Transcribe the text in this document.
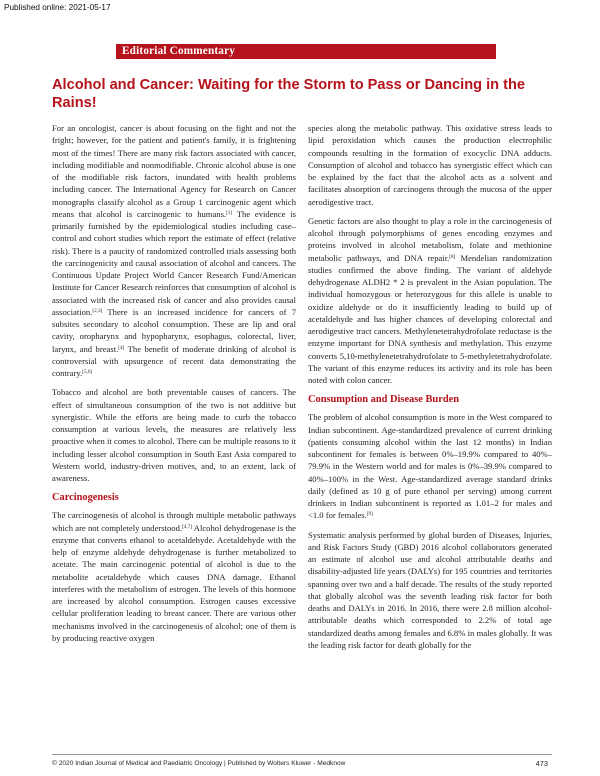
Published online: 2021-05-17
Editorial Commentary
Alcohol and Cancer: Waiting for the Storm to Pass or Dancing in the Rains!

For an oncologist, cancer is about focusing on the fight and not the fright; however, for the patient and patient's family, it is frightening most of the times! There are many risk factors associated with cancer, including modifiable and nonmodifiable. Chronic alcohol abuse is one of the modifiable risk factors, inundated with health problems including cancer. The International Agency for Research on Cancer monographs classify alcohol as a Group 1 carcinogenic agent which means that alcohol is carcinogenic to humans.[1] The evidence is primarily furnished by the epidemiological studies including case–control and cohort studies which report the estimate of effect (relative risk). There is a paucity of randomized controlled trials assessing both the carcinogenicity and causal association of alcohol and cancers. The Continuous Update Project World Cancer Research Fund/American Institute for Cancer Research reinforces that consumption of alcohol is associated with the increased risk of cancer and also provides causal association.[2,3] There is an increased incidence for cancers of 7 subsites secondary to alcohol consumption. These are lip and oral cavity, oropharynx and hypopharynx, esophagus, colorectal, liver, larynx, and breast.[4] The benefit of moderate drinking of alcohol is controversial with upsurgence of recent data demonstrating the contrary.[5,6]

Tobacco and alcohol are both preventable causes of cancers. The effect of simultaneous consumption of the two is not additive but synergistic. While the efforts are being made to curb the tobacco consumption at various levels, the measures are relatively less proactive when it comes to alcohol. There can be multiple reasons to it including lesser alcohol consumption in South East Asia compared to Western world, industry-driven motives, and, to an extent, lack of awareness.

Carcinogenesis

The carcinogenesis of alcohol is through multiple metabolic pathways which are not completely understood.[4,7] Alcohol dehydrogenase is the enzyme that converts ethanol to acetaldehyde. Acetaldehyde with the help of enzyme aldehyde dehydrogenase is further metabolized to acetate. The main carcinogenic potential of alcohol is due to the metabolite acetaldehyde which causes DNA damage. Ethanol interferes with the metabolism of estrogen. The levels of this hormone are increased by alcohol consumption. Estrogen causes excessive cellular proliferation leading to breast cancer. There are various other mechanisms involved in the carcinogenesis of alcohol; one of them is by producing reactive oxygen

species along the metabolic pathway. This oxidative stress leads to lipid peroxidation which causes the production electrophilic compounds resulting in the formation of exocyclic DNA adducts. Consumption of alcohol and tobacco has synergistic effect which can be explained by the fact that the alcohol acts as a solvent and facilitates absorption of carcinogens through the mucosa of the upper aerodigestive tract.

Genetic factors are also thought to play a role in the carcinogenesis of alcohol through polymorphisms of genes encoding enzymes and proteins involved in alcohol metabolism, folate and methionine metabolic pathways, and DNA repair.[8] Mendelian randomization studies confirmed the above finding. The variant of aldehyde dehydrogenase ALDH2 * 2 is prevalent in the Asian population. The individual homozygous or heterozygous for this allele is unable to oxidize aldehyde or do it insufficiently leading to build up of acetaldehyde and has higher chances of developing colorectal and aerodigestive tract cancers. Methylenetetrahydrofolate reductase is the enzyme important for DNA synthesis and methylation. This enzyme converts 5,10-methylenetetrahydrofolate to 5-methyletetrahydrofolate. The variant of this enzyme reduces its activity and its role has been noted with colon cancer.

Consumption and Disease Burden

The problem of alcohol consumption is more in the West compared to Indian subcontinent. Age-standardized prevalence of current drinking (patients consuming alcohol within the last 12 months) in Indian subcontinent for females is between 0%–19.9% compared to 40%–79.9% in the Western world and for males is 0%–39.9% compared to 40%–100% in the West. Age-standardized average standard drinks daily (defined as 10 g of pure ethanol per serving) among current drinkers in Indian subcontinent is reported as 1.01–2 for males and <1.0 for females.[9]

Systematic analysis performed by global burden of Diseases, Injuries, and Risk Factors Study (GBD) 2016 alcohol collaborators generated an estimate of alcohol use and alcohol attributable deaths and disability-adjusted life years (DALYs) for 195 countries and territories spanning over two and a half decade. The results of the study reported that globally alcohol was the seventh leading risk factor for both deaths and DALYs in 2016. In 2016, there were 2.8 million alcohol-attributable deaths which corresponded to 2.2% of total age standardized deaths among females and 6.8% in males globally. It was the leading risk factor for death globally for the

© 2020 Indian Journal of Medical and Paediatric Oncology | Published by Wolters Kluwer - Medknow	473
